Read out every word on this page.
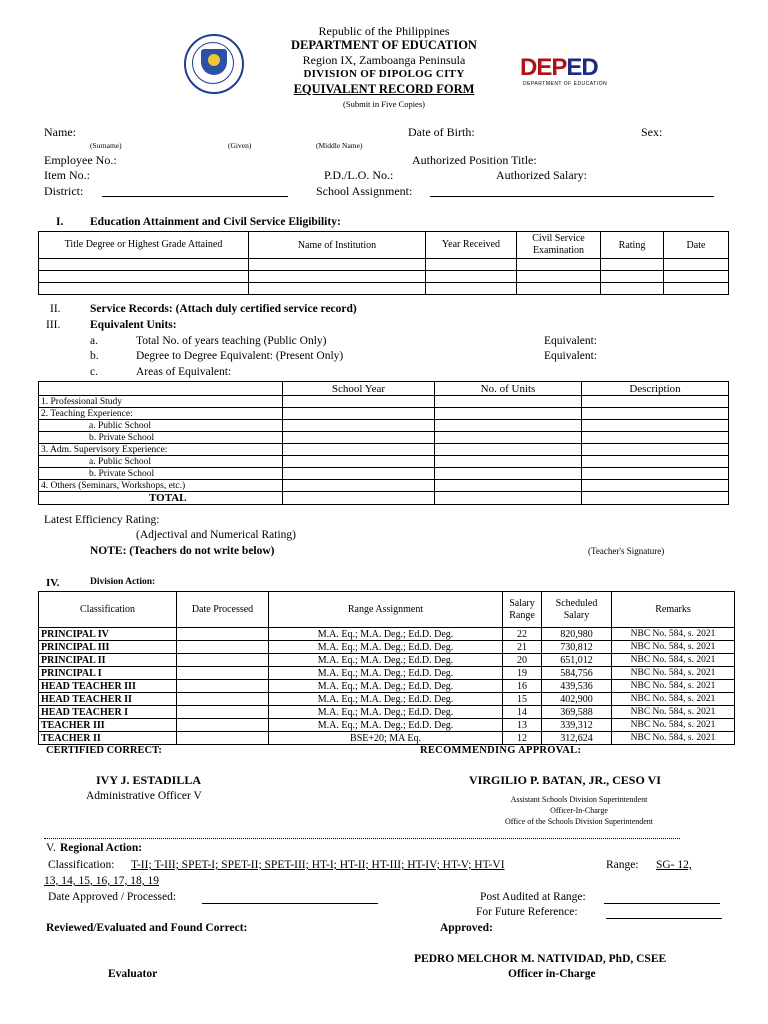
Republic of the Philippines
DEPARTMENT OF EDUCATION
Region IX, Zamboanga Peninsula
DIVISION OF DIPOLOG CITY
EQUIVALENT RECORD FORM
(Submit in Five Copies)
DEPED
DEPARTMENT OF EDUCATION
Name:
(Surname)	(Given)	(Middle Name)
Date of Birth:	Sex:
Employee No.:	Authorized Position Title:
Item No.:	P.D./L.O. No.:	Authorized Salary:
District:	School Assignment:
I. Education Attainment and Civil Service Eligibility:
Title Degree or Highest Grade Attained	Name of Institution	Year Received	Civil Service Examination	Rating	Date

II.	Service Records: (Attach duly certified service record)
III.	Equivalent Units:
a.	Total No. of years teaching (Public Only)	Equivalent:
b.	Degree to Degree Equivalent: (Present Only)	Equivalent:
c.	Areas of Equivalent:
	School Year	No. of Units	Description
1. Professional Study			
2. Teaching Experience:			
a. Public School			
b. Private School			
3. Adm. Supervisory Experience:			
a. Public School			
b. Private School			
4. Others (Seminars, Workshops, etc.)			
TOTAL			
Latest Efficiency Rating:
(Adjectival and Numerical Rating)
NOTE: (Teachers do not write below)	(Teacher's Signature)
IV.	Division Action:
Classification	Date Processed	Range Assignment	Salary Range	Scheduled Salary	Remarks
PRINCIPAL IV		M.A. Eq.; M.A. Deg.; Ed.D. Deg.	22	820,980	NBC No. 584, s. 2021
PRINCIPAL III		M.A. Eq.; M.A. Deg.; Ed.D. Deg.	21	730,812	NBC No. 584, s. 2021
PRINCIPAL II		M.A. Eq.; M.A. Deg.; Ed.D. Deg.	20	651,012	NBC No. 584, s. 2021
PRINCIPAL I		M.A. Eq.; M.A. Deg.; Ed.D. Deg.	19	584,756	NBC No. 584, s. 2021
HEAD TEACHER III		M.A. Eq.; M.A. Deg.; Ed.D. Deg.	16	439,536	NBC No. 584, s. 2021
HEAD TEACHER II		M.A. Eq.; M.A. Deg.; Ed.D. Deg.	15	402,900	NBC No. 584, s. 2021
HEAD TEACHER I		M.A. Eq.; M.A. Deg.; Ed.D. Deg.	14	369,588	NBC No. 584, s. 2021
TEACHER III		M.A. Eq.; M.A. Deg.; Ed.D. Deg.	13	339,312	NBC No. 584, s. 2021
TEACHER II		BSE+20; MA Eq.	12	312,624	NBC No. 584, s. 2021
CERTIFIED CORRECT:	RECOMMENDING APPROVAL:
IVY J. ESTADILLA
Administrative Officer V
VIRGILIO P. BATAN, JR., CESO VI
Assistant Schools Division Superintendent
Officer-In-Charge
Office of the Schools Division Superintendent
V. Regional Action:
Classification: T-II; T-III; SPET-I; SPET-II; SPET-III; HT-I; HT-II; HT-III; HT-IV; HT-V; HT-VI	Range: SG- 12,
13, 14, 15, 16, 17, 18, 19
Date Approved / Processed:	Post Audited at Range:
For Future Reference:
Reviewed/Evaluated and Found Correct:	Approved:
PEDRO MELCHOR M. NATIVIDAD, PhD, CSEE
Evaluator	Officer in-Charge
